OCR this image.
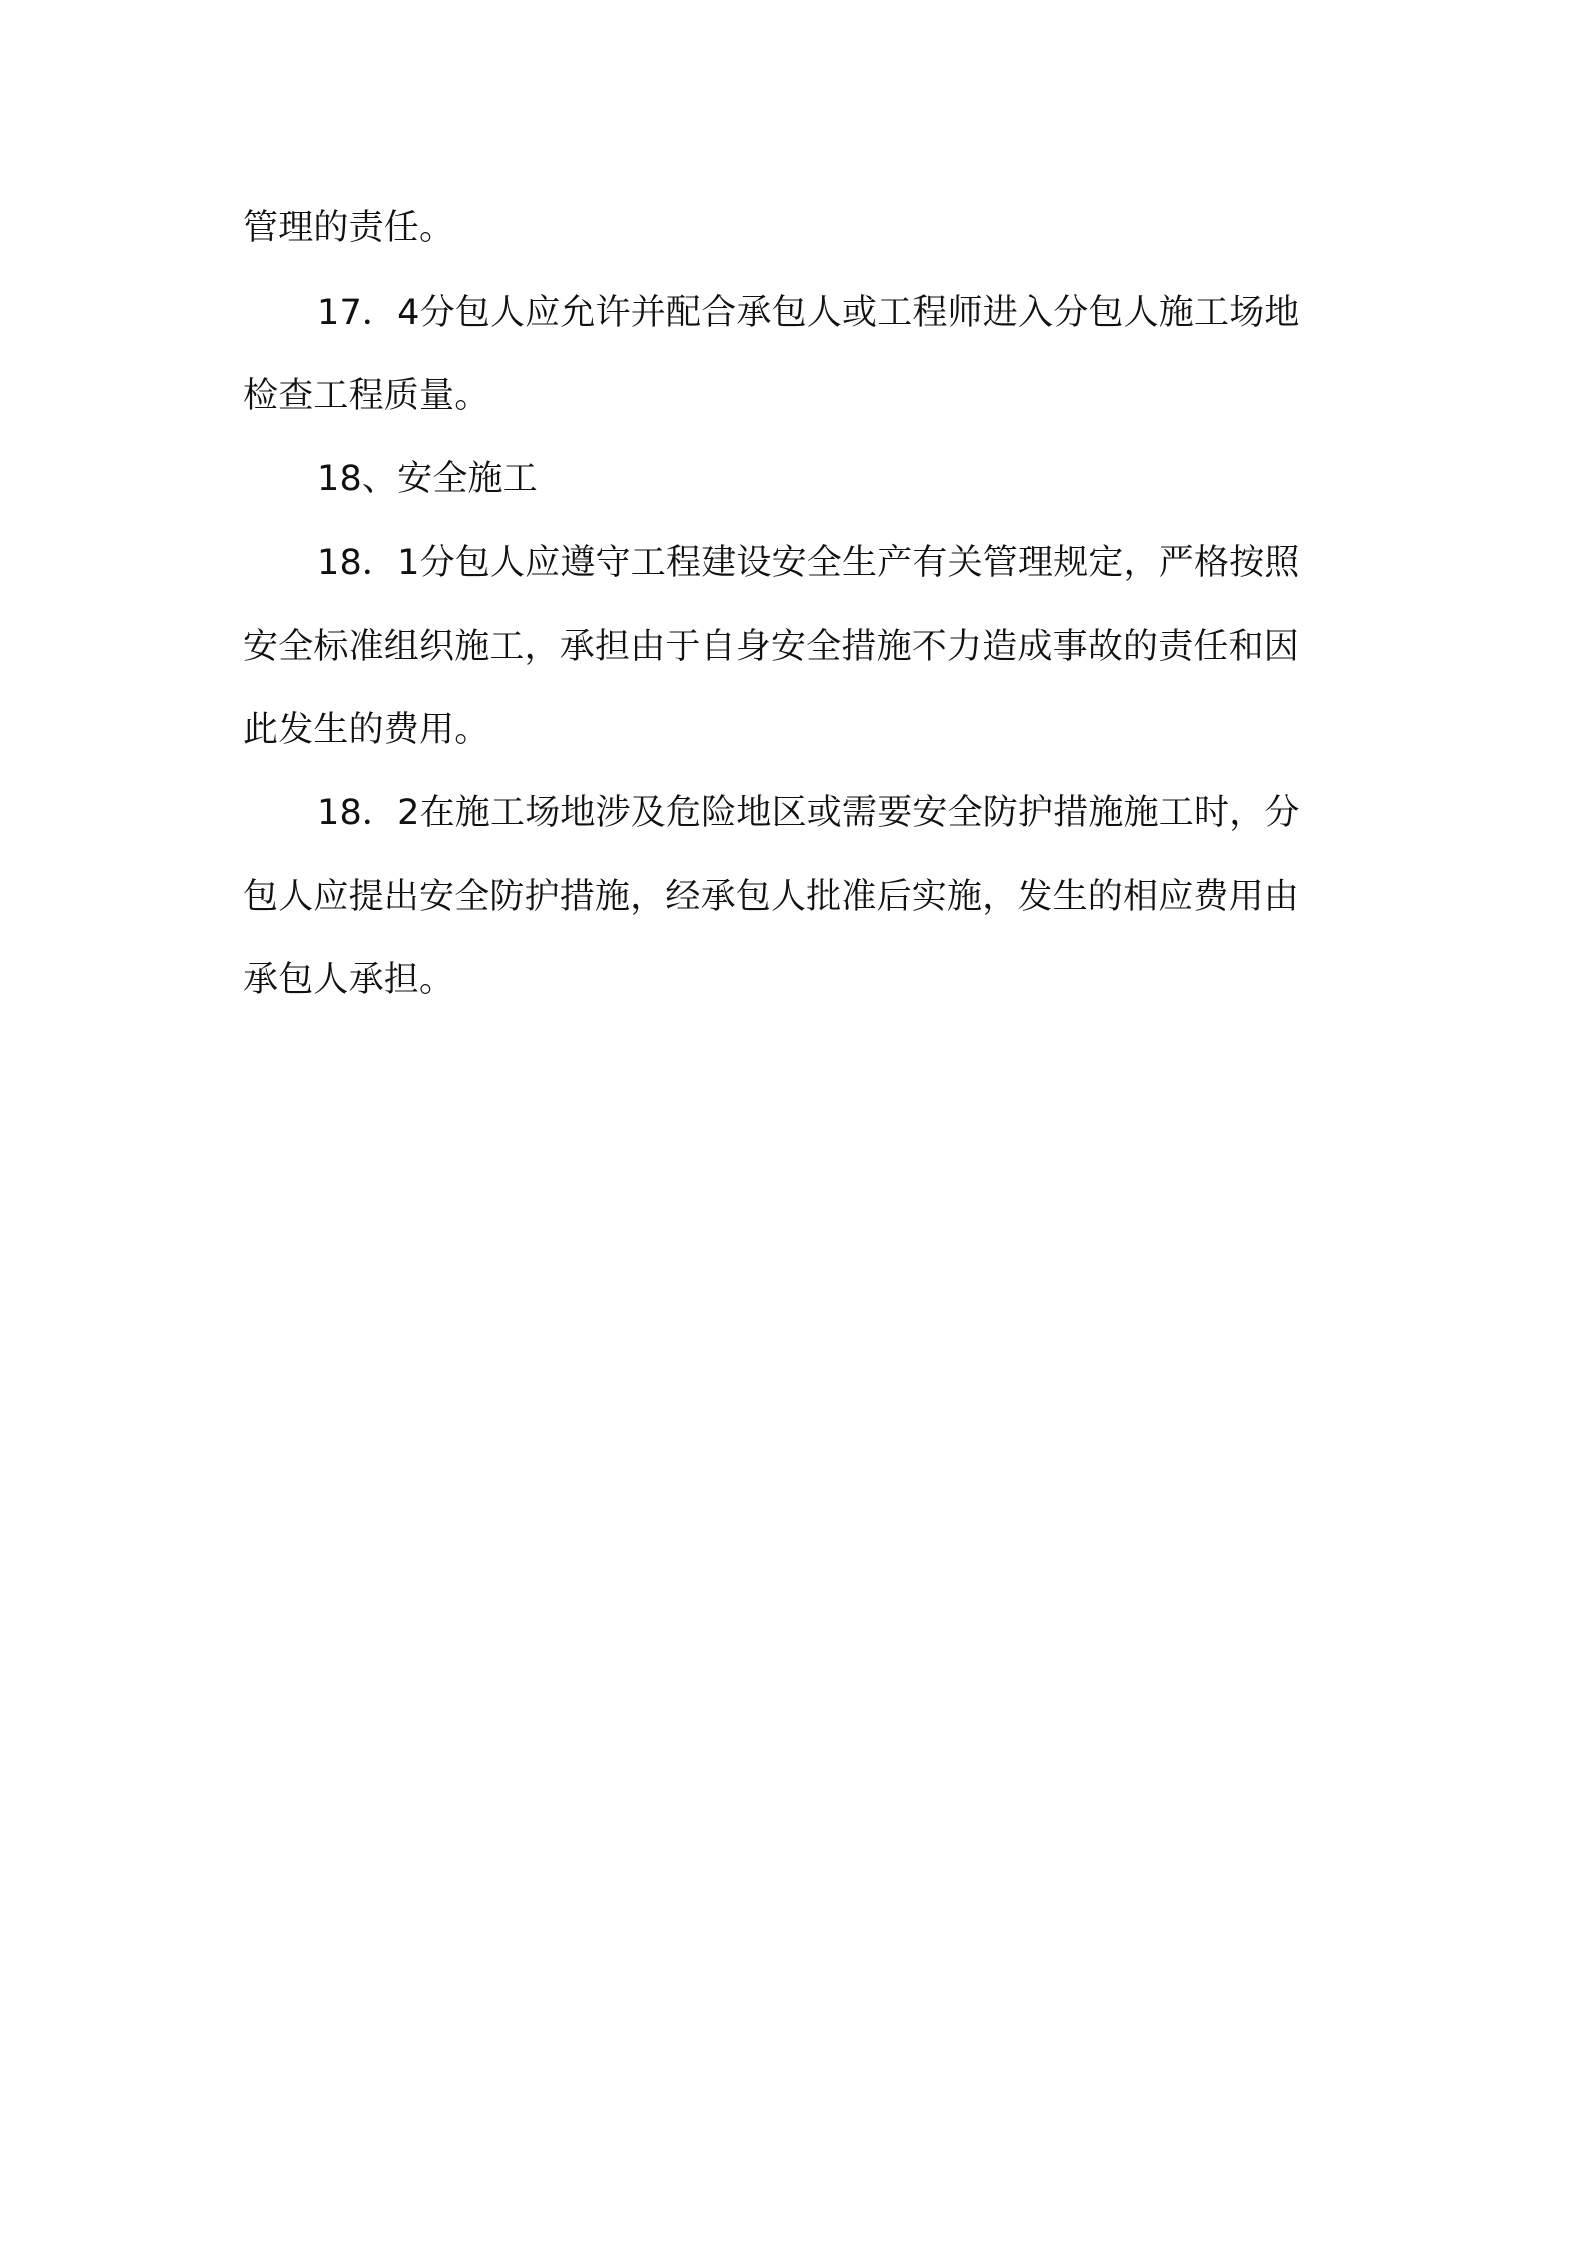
管理的责任。

17．4分包人应允许并配合承包人或工程师进入分包人施工场地

检查工程质量。

18、安全施工

18．1分包人应遵守工程建设安全生产有关管理规定，严格按照

安全标准组织施工，承担由于自身安全措施不力造成事故的责任和因

此发生的费用。

18．2在施工场地涉及危险地区或需要安全防护措施施工时，分

包人应提出安全防护措施，经承包人批准后实施，发生的相应费用由

承包人承担。
